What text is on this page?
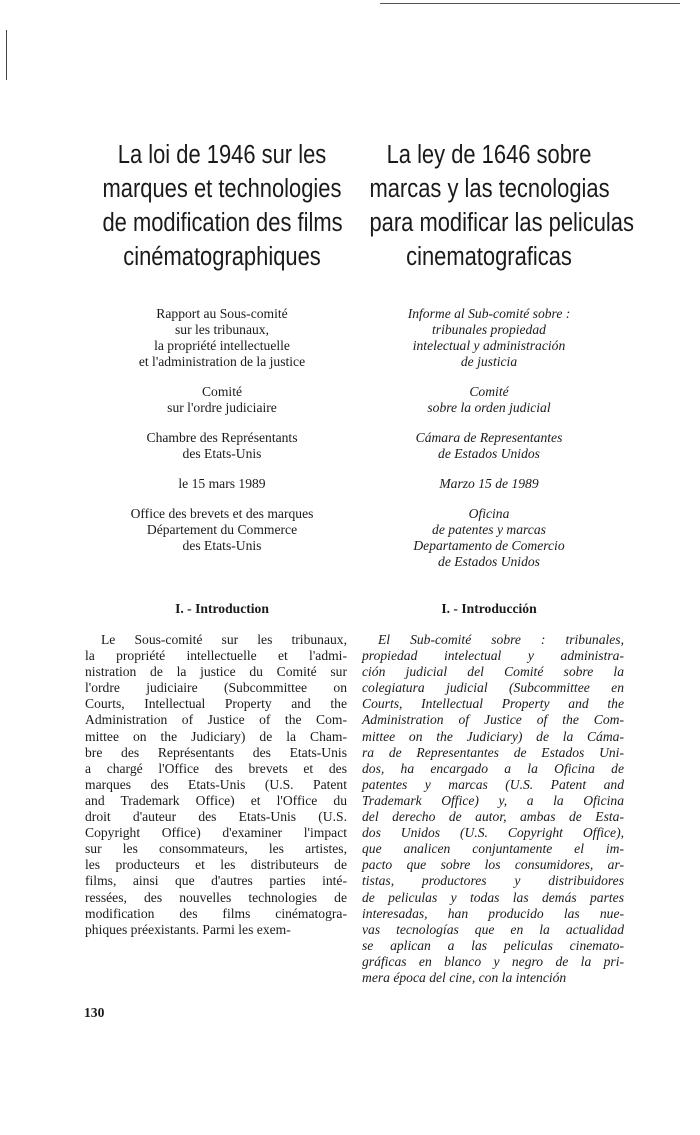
La loi de 1946 sur les
marques et technologies
de modification des films
cinématographiques

Rapport au Sous-comité
sur les tribunaux,
la propriété intellectuelle
et l'administration de la justice

Comité
sur l'ordre judiciaire

Chambre des Représentants
des Etats-Unis

le 15 mars 1989

Office des brevets et des marques
Département du Commerce
des Etats-Unis

La ley de 1646 sobre
marcas y las tecnologias
para modificar las peliculas
cinematograficas

Informe al Sub-comité sobre :
tribunales propiedad
intelectual y administración
de justicia

Comité
sobre la orden judicial

Cámara de Representantes
de Estados Unidos

Marzo 15 de 1989

Oficina
de patentes y marcas
Departamento de Comercio
de Estados Unidos

I. - Introduction	I. - Introducción
Le Sous-comité sur les tribunaux,
la propriété intellectuelle et l'admi-
nistration de la justice du Comité sur
l'ordre judiciaire (Subcommittee on
Courts, Intellectual Property and the
Administration of Justice of the Com-
mittee on the Judiciary) de la Cham-
bre des Représentants des Etats-Unis
a chargé l'Office des brevets et des
marques des Etats-Unis (U.S. Patent
and Trademark Office) et l'Office du
droit d'auteur des Etats-Unis (U.S.
Copyright Office) d'examiner l'impact
sur les consommateurs, les artistes,
les producteurs et les distributeurs de
films, ainsi que d'autres parties inté-
ressées, des nouvelles technologies de
modification des films cinématogra-
phiques préexistants. Parmi les exem-
El Sub-comité sobre : tribunales,
propiedad intelectual y administra-
ción judicial del Comité sobre la
colegiatura judicial (Subcommittee en
Courts, Intellectual Property and the
Administration of Justice of the Com-
mittee on the Judiciary) de la Cáma-
ra de Representantes de Estados Uni-
dos, ha encargado a la Oficina de
patentes y marcas (U.S. Patent and
Trademark Office) y, a la Oficina
del derecho de autor, ambas de Esta-
dos Unidos (U.S. Copyright Office),
que analicen conjuntamente el im-
pacto que sobre los consumidores, ar-
tistas, productores y distribuidores
de peliculas y todas las demás partes
interesadas, han producido las nue-
vas tecnologías que en la actualidad
se aplican a las peliculas cinemato-
gráficas en blanco y negro de la pri-
mera época del cine, con la intención
130
